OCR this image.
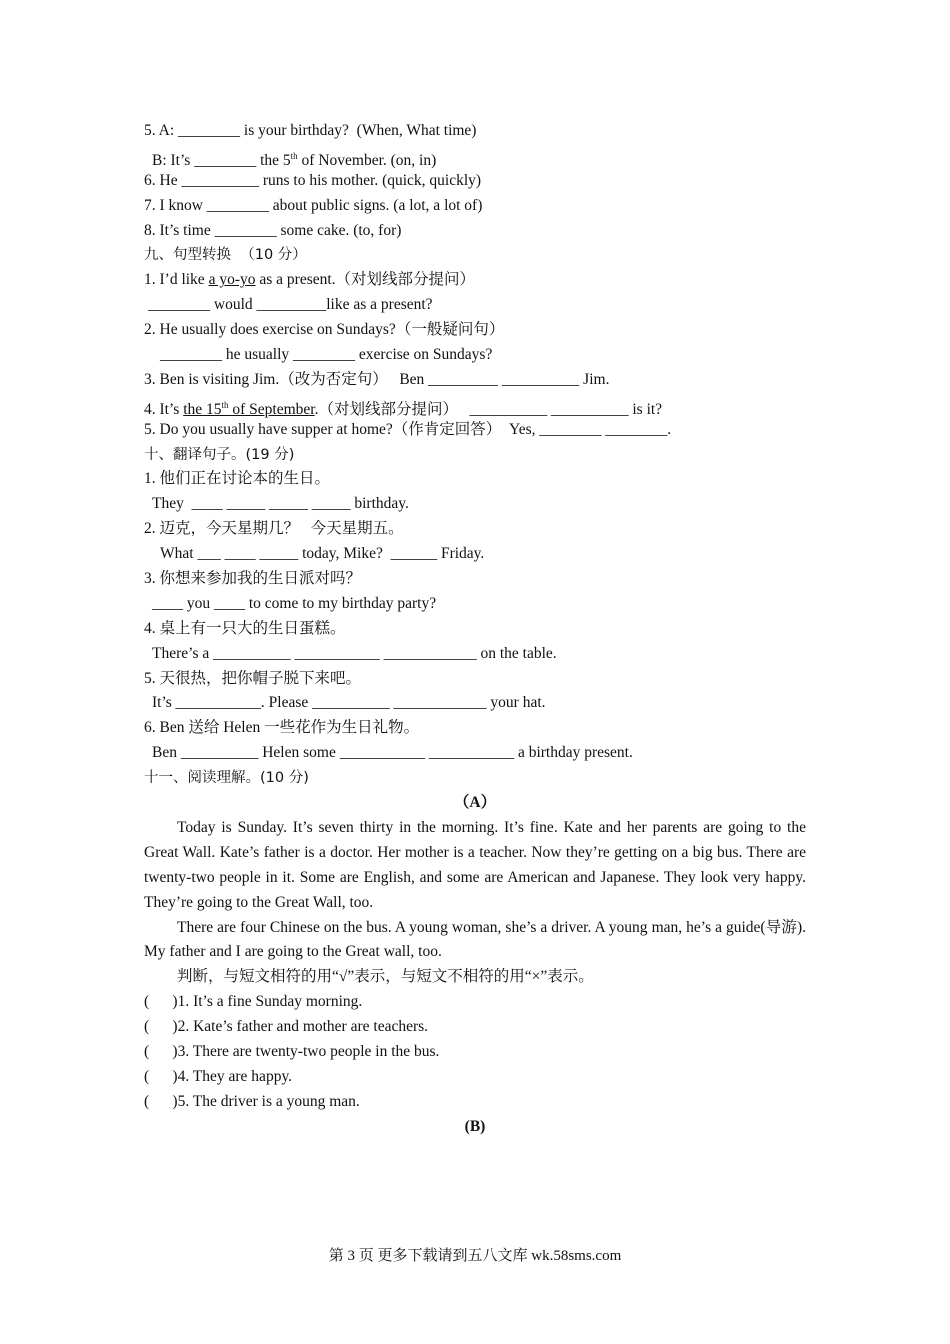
5. A: ________ is your birthday?  (When, What time)
B: It’s ________ the 5th of November. (on, in)
6. He __________ runs to his mother. (quick, quickly)
7. I know ________ about public signs. (a lot, a lot of)
8. It’s time ________ some cake. (to, for)
九、句型转换  （10 分）
1. I’d like a yo-yo as a present.（对划线部分提问）
________ would _________like as a present?
2. He usually does exercise on Sundays?（一般疑问句）
________ he usually ________ exercise on Sundays?
3. Ben is visiting Jim.（改为否定句）   Ben _________ __________ Jim.
4. It’s the 15th of September.（对划线部分提问）   __________ __________ is it?
5. Do you usually have supper at home?（作肯定回答）  Yes, ________ ________.
十、翻译句子。(19 分)
1. 他们正在讨论本的生日。
They  ____ _____ _____ _____ birthday.
2. 迈克，今天星期几？   今天星期五。
What ___ ____ _____ today, Mike?  ______ Friday.
3. 你想来参加我的生日派对吗？
____ you ____ to come to my birthday party?
4. 桌上有一只大的生日蛋糕。
There’s a __________ ___________ ____________ on the table.
5. 天很热，把你帽子脱下来吧。
It’s ___________. Please __________ ____________ your hat.
6. Ben 送给 Helen 一些花作为生日礼物。
Ben __________ Helen some ___________ ___________ a birthday present.
十一、阅读理解。(10 分)
（A）
Today is Sunday. It’s seven thirty in the morning. It’s fine. Kate and her parents are going to the Great Wall. Kate’s father is a doctor. Her mother is a teacher. Now they’re getting on a big bus. There are twenty-two people in it. Some are English, and some are American and Japanese. They look very happy. They’re going to the Great Wall, too.
There are four Chinese on the bus. A young woman, she’s a driver. A young man, he’s a guide(导游). My father and I are going to the Great wall, too.
判断，与短文相符的用“√”表示，与短文不相符的用“×”表示。
(      )1. It’s a fine Sunday morning.
(      )2. Kate’s father and mother are teachers.
(      )3. There are twenty-two people in the bus.
(      )4. They are happy.
(      )5. The driver is a young man.
(B)
第 3 页 更多下载请到五八文库 wk.58sms.com
